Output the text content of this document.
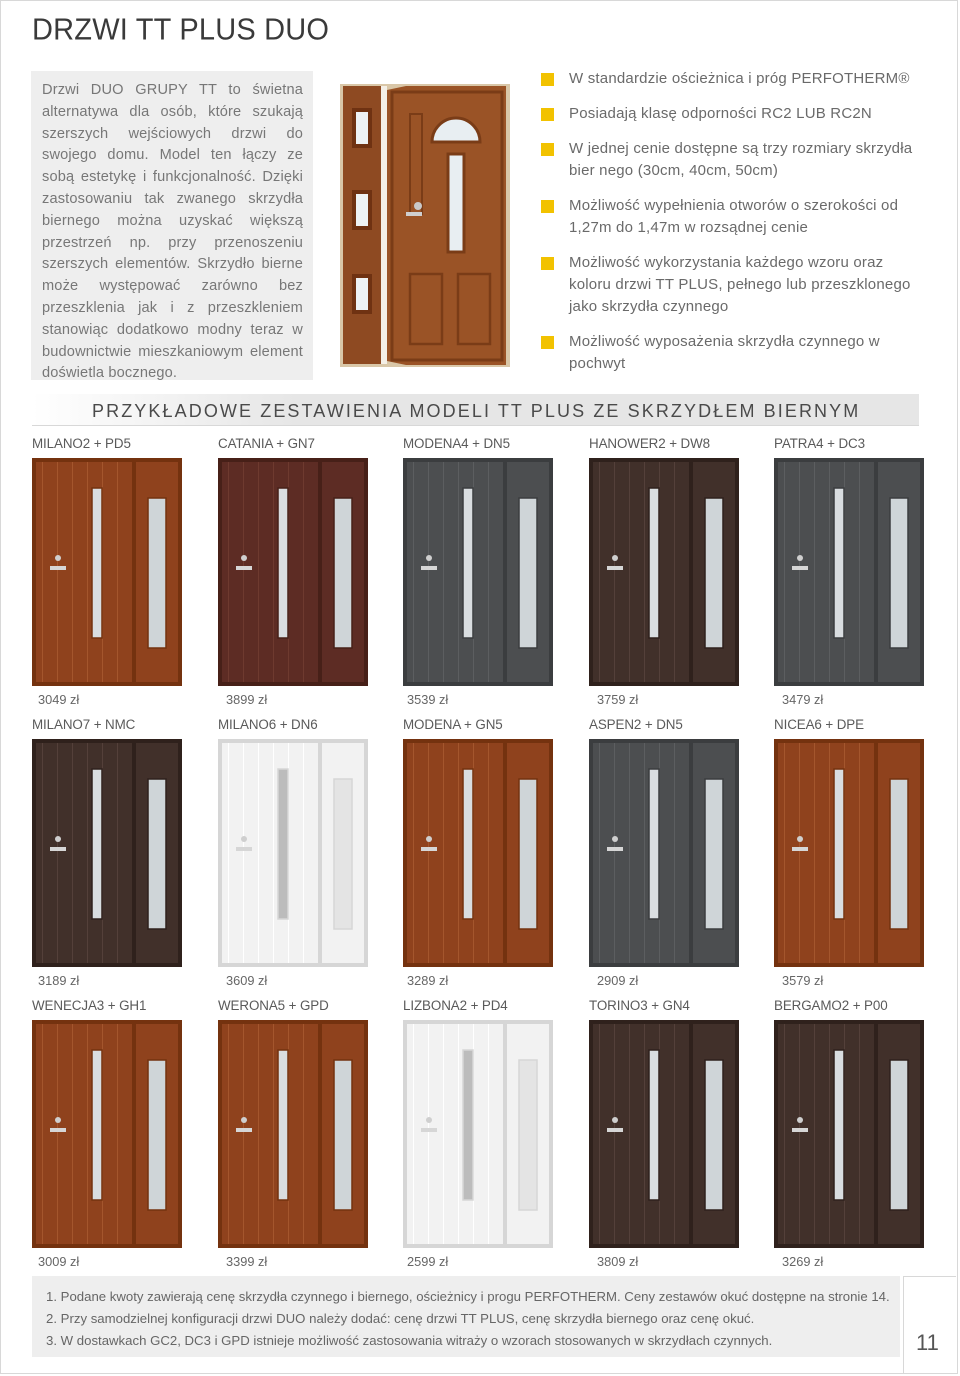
DRZWI TT PLUS DUO

Drzwi DUO GRUPY TT to świetna alternatywa dla osób, które szukają szerszych wejściowych drzwi do swojego domu. Model ten łączy ze sobą estetykę i funkcjonalność. Dzięki zastosowaniu tak zwanego skrzydła biernego można uzyskać większą przestrzeń np. przy przenoszeniu szerszych elementów. Skrzydło bierne może występować zarówno bez przeszklenia jak i z przeszkleniem stanowiąc dodatkowo modny teraz w budownictwie mieszkaniowym element doświetla bocznego.

W standardzie ościeżnica i próg PERFOTHERM®
Posiadają klasę odporności RC2 LUB RC2N
W jednej cenie dostępne są trzy rozmiary skrzydła bier nego (30cm, 40cm, 50cm)
Możliwość wypełnienia otworów o szerokości od 1,27m do 1,47m w rozsądnej cenie
Możliwość wykorzystania każdego wzoru oraz koloru drzwi TT PLUS, pełnego lub przeszklonego jako skrzydła czynnego
Możliwość wyposażenia skrzydła czynnego w pochwyt
PRZYKŁADOWE ZESTAWIENIA MODELI TT PLUS ZE SKRZYDŁEM BIERNYM
MILANO2 + PD5
3049 zł
CATANIA + GN7
3899 zł
MODENA4 + DN5
3539 zł
HANOWER2 + DW8
3759 zł
PATRA4 + DC3
3479 zł
MILANO7 + NMC
3189 zł
MILANO6 + DN6
3609 zł
MODENA + GN5
3289 zł
ASPEN2 + DN5
2909 zł
NICEA6 + DPE
3579 zł
WENECJA3 + GH1
3009 zł
WERONA5 + GPD
3399 zł
LIZBONA2 + PD4
2599 zł
TORINO3 + GN4
3809 zł
BERGAMO2 + P00
3269 zł

1. Podane kwoty zawierają cenę skrzydła czynnego i biernego, ościeżnicy i progu PERFOTHERM. Ceny zestawów okuć dostępne na stronie 14.

2. Przy samodzielnej konfiguracji drzwi DUO należy dodać: cenę drzwi TT PLUS, cenę skrzydła biernego oraz cenę okuć.

3. W dostawkach GC2, DC3 i GPD istnieje możliwość zastosowania witraży o wzorach stosowanych w skrzydłach czynnych.	11
